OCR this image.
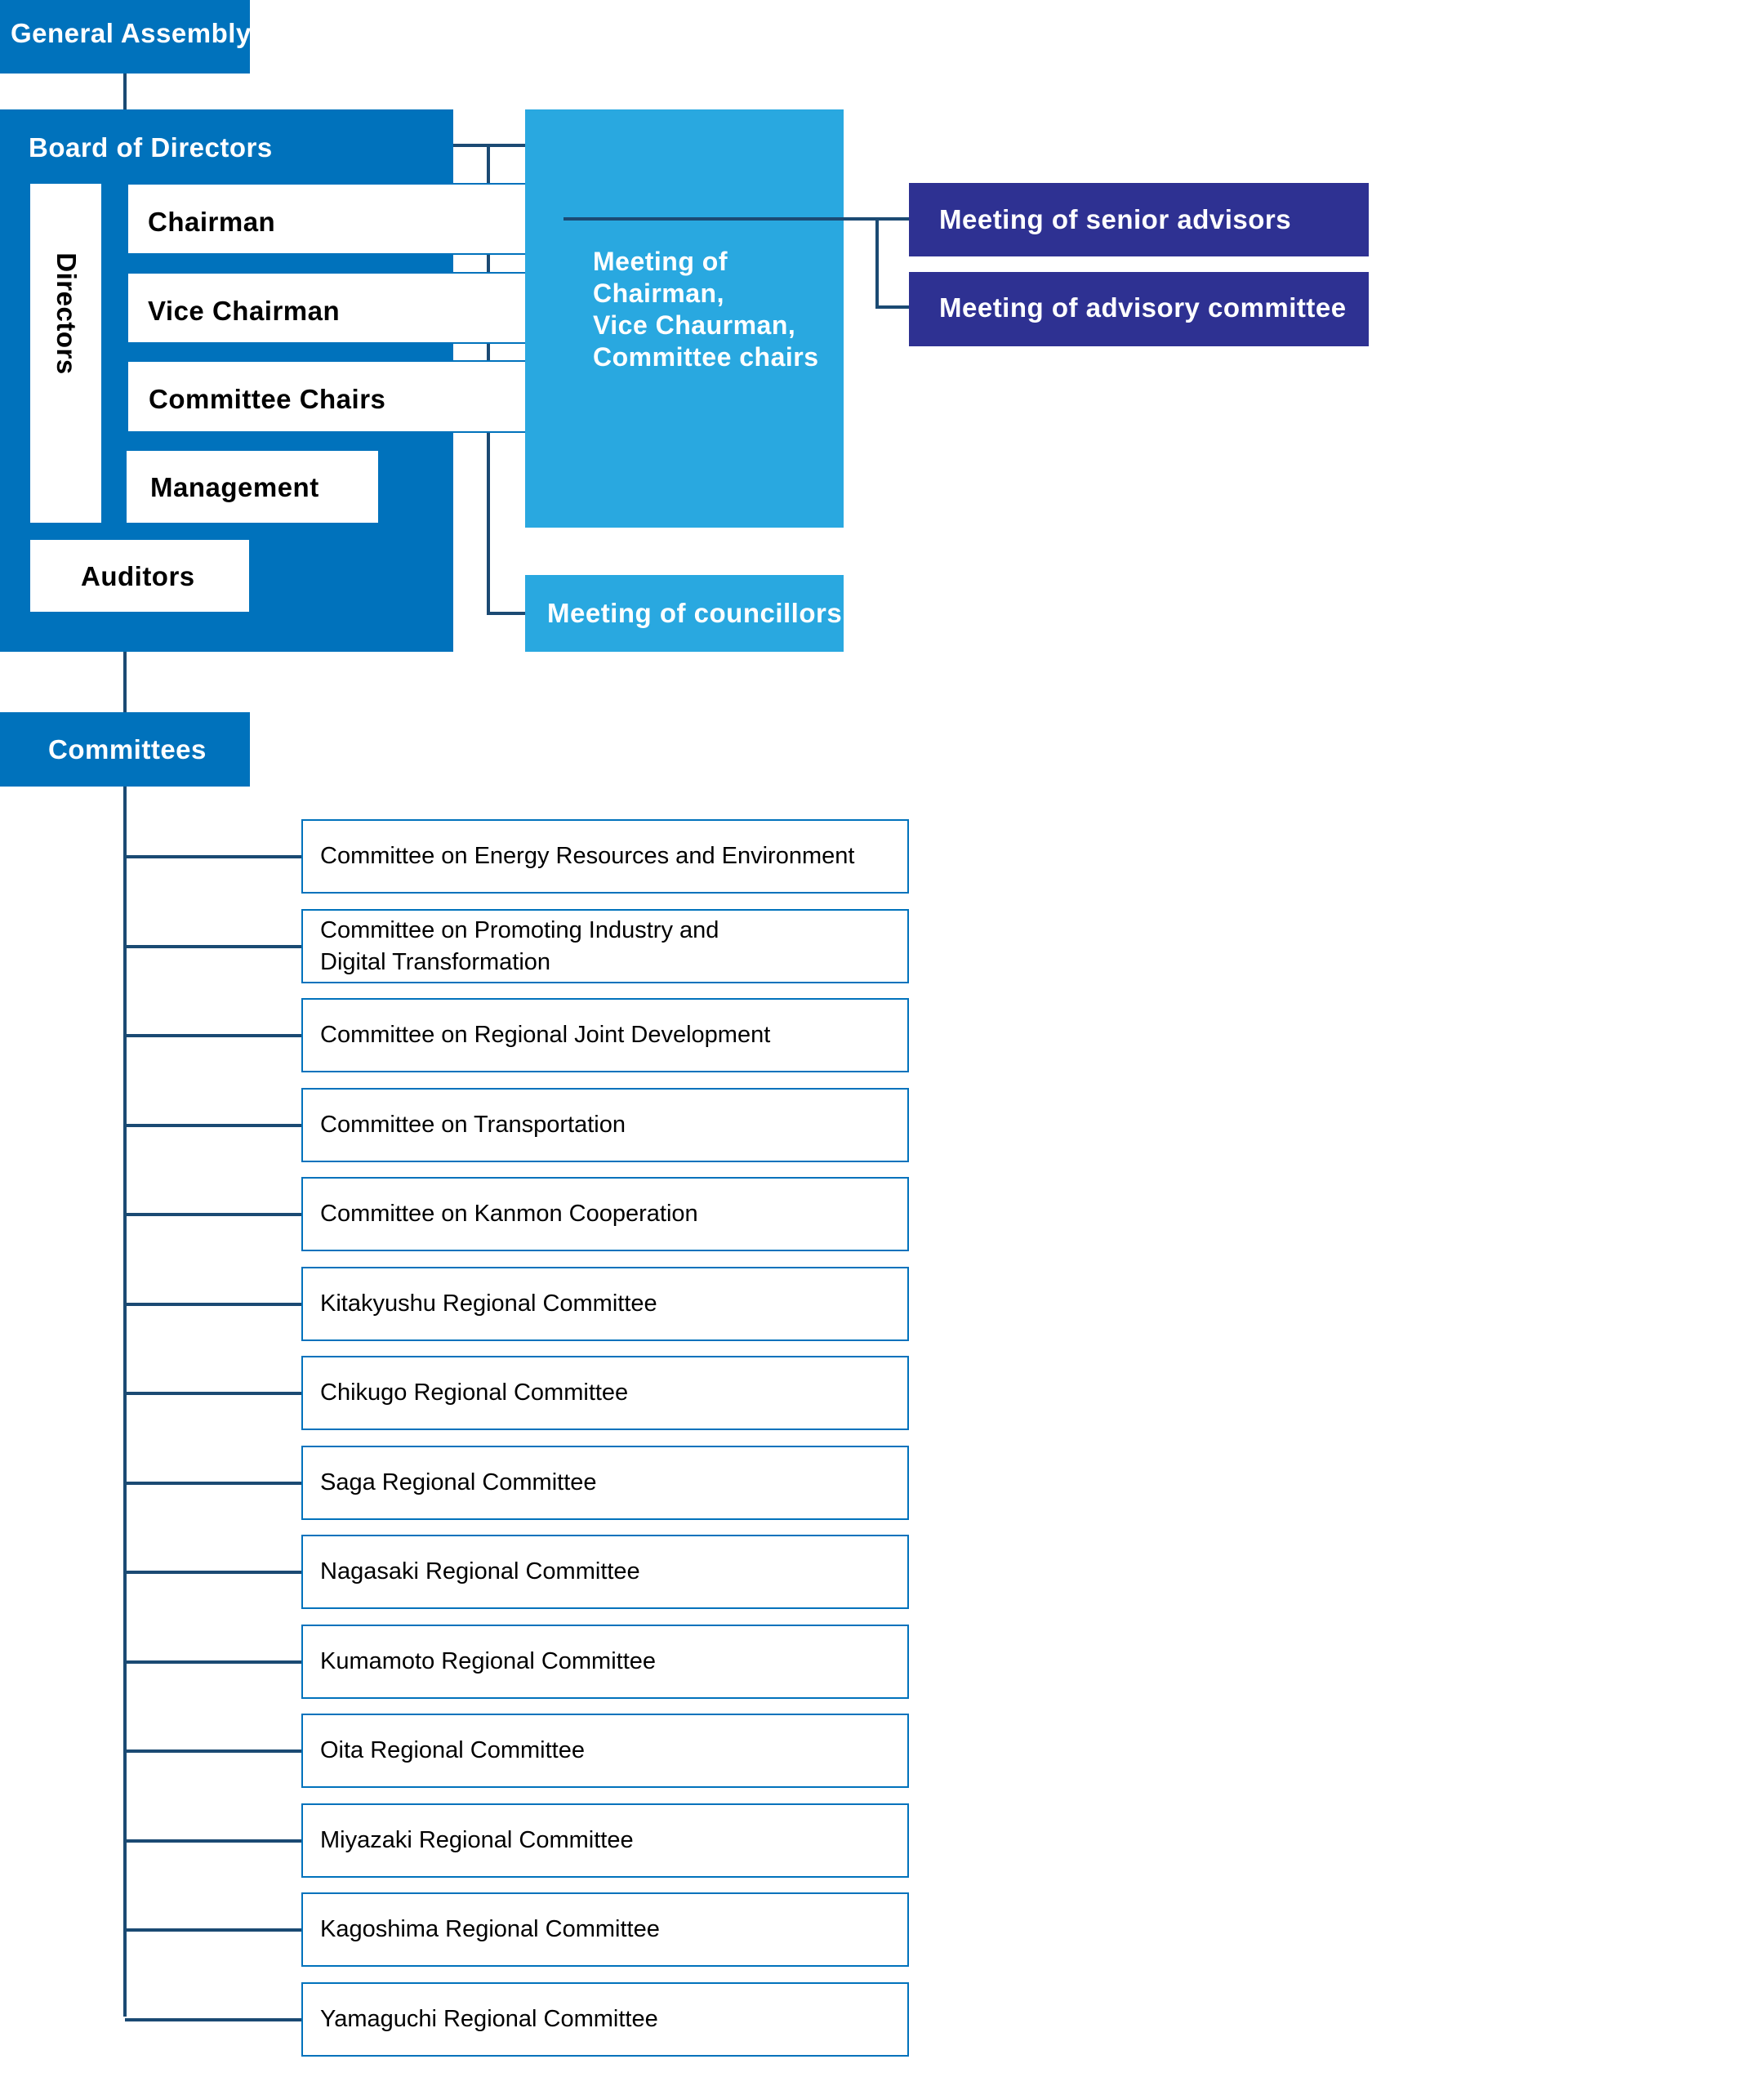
General Assembly
Board of Directors
Directors
Chairman
Vice Chairman
Committee Chairs
Management
Auditors
Meeting of
Chairman,
Vice Chaurman,
Committee chairs
Meeting of councillors
Meeting of senior advisors
Meeting of advisory committee
Committees
Committee on Energy Resources and Environment
Committee on Promoting Industry and
Digital Transformation
Committee on Regional Joint Development
Committee on Transportation
Committee on Kanmon Cooperation
Kitakyushu Regional Committee
Chikugo Regional Committee
Saga Regional Committee
Nagasaki Regional Committee
Kumamoto Regional Committee
Oita Regional Committee
Miyazaki Regional Committee
Kagoshima Regional Committee
Yamaguchi Regional Committee
